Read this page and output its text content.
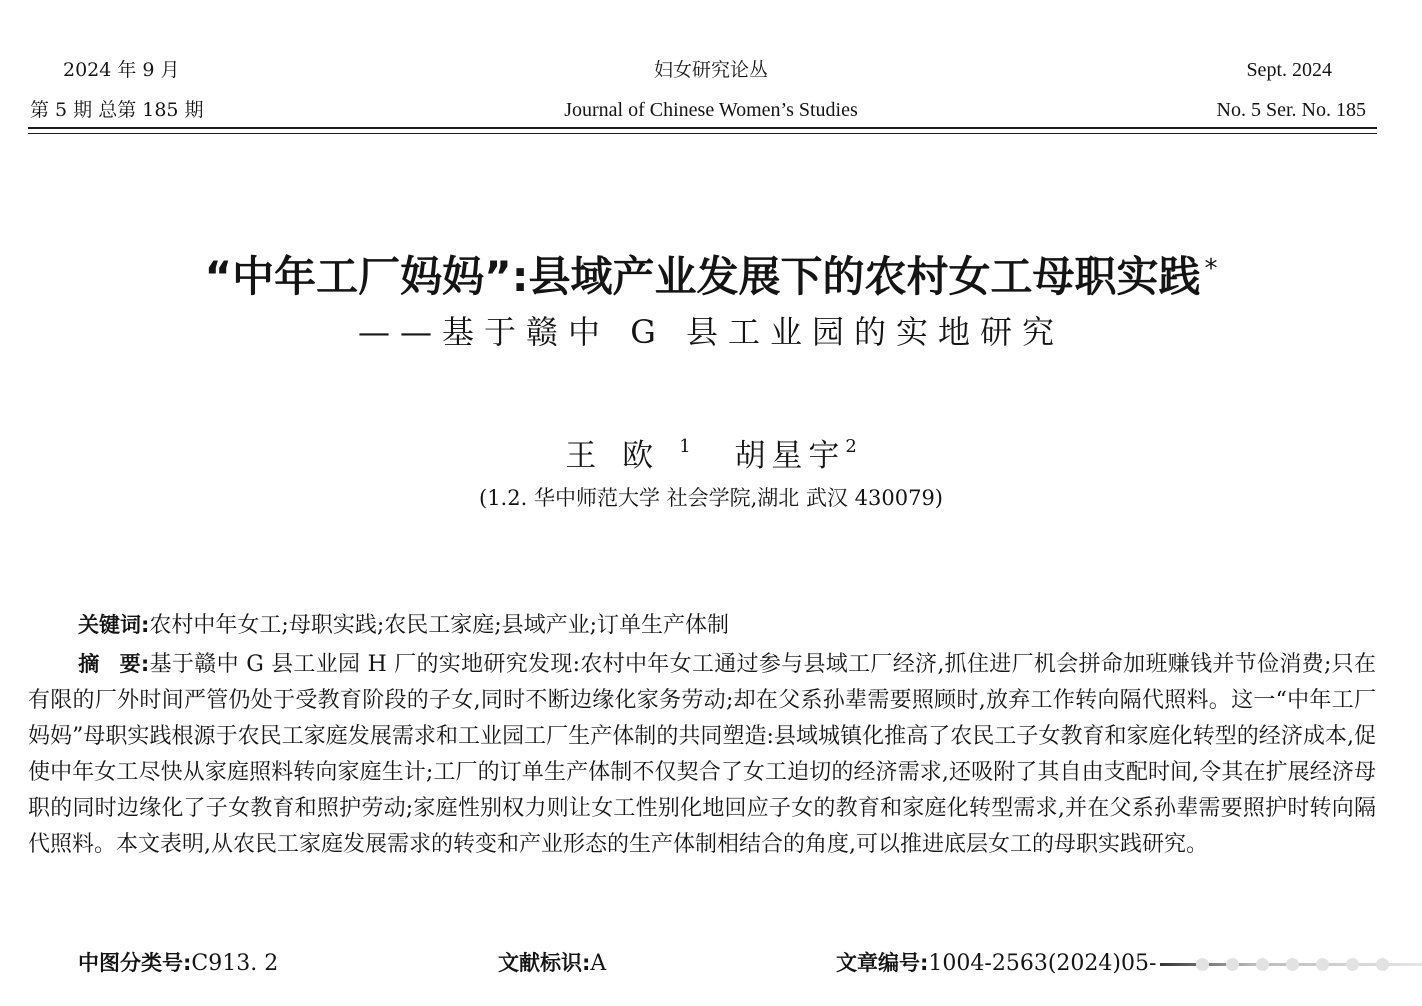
2024 年 9 月
第 5 期 总第 185 期
妇女研究论丛
Journal of Chinese Women’s Studies
Sept. 2024
No. 5 Ser. No. 185
“中年工厂妈妈”:县域产业发展下的农村女工母职实践 *
——基于赣中 G 县工业园的实地研究
王欧$^1$ 胡星宇$^2$
(1.2. 华中师范大学 社会学院,湖北 武汉 430079)
关键词:农村中年女工;母职实践;农民工家庭;县域产业;订单生产体制
摘要:基于赣中 G 县工业园 H 厂的实地研究发现:农村中年女工通过参与县域工厂经济,抓住进厂机会拼命加班赚钱并节俭消费;只在有限的厂外时间严管仍处于受教育阶段的子女,同时不断边缘化家务劳动;却在父系孙辈需要照顾时,放弃工作转向隔代照料。这一“中年工厂妈妈”母职实践根源于农民工家庭发展需求和工业园工厂生产体制的共同塑造:县域城镇化推高了农民工子女教育和家庭化转型的经济成本,促使中年女工尽快从家庭照料转向家庭生计;工厂的订单生产体制不仅契合了女工迫切的经济需求,还吸附了其自由支配时间,令其在扩展经济母职的同时边缘化了子女教育和照护劳动;家庭性别权力则让女工性别化地回应子女的教育和家庭化转型需求,并在父系孙辈需要照护时转向隔代照料。本文表明,从农民工家庭发展需求的转变和产业形态的生产体制相结合的角度,可以推进底层女工的母职实践研究。
中图分类号:C913. 2	文献标识:A	文章编号:1004-2563(2024)05-
